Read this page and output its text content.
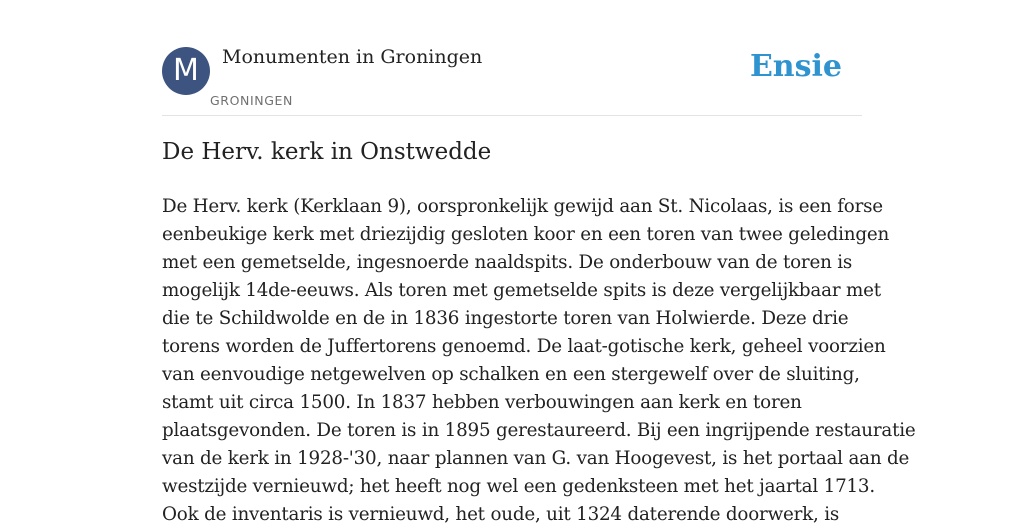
M	Monumenten in Groningen
GRONINGEN
Ensie
De Herv. kerk in Onstwedde

De Herv. kerk (Kerklaan 9), oorspronkelijk gewijd aan St. Nicolaas, is een forse
eenbeukige kerk met driezijdig gesloten koor en een toren van twee geledingen
met een gemetselde, ingesnoerde naaldspits. De onderbouw van de toren is
mogelijk 14de-eeuws. Als toren met gemetselde spits is deze vergelijkbaar met
die te Schildwolde en de in 1836 ingestorte toren van Holwierde. Deze drie
torens worden de Juffertorens genoemd. De laat-gotische kerk, geheel voorzien
van eenvoudige netgewelven op schalken en een stergewelf over de sluiting,
stamt uit circa 1500. In 1837 hebben verbouwingen aan kerk en toren
plaatsgevonden. De toren is in 1895 gerestaureerd. Bij een ingrijpende restauratie
van de kerk in 1928-'30, naar plannen van G. van Hoogevest, is het portaal aan de
westzijde vernieuwd; het heeft nog wel een gedenksteen met het jaartal 1713.
Ook de inventaris is vernieuwd, het oude, uit 1324 daterende doorwerk, is
